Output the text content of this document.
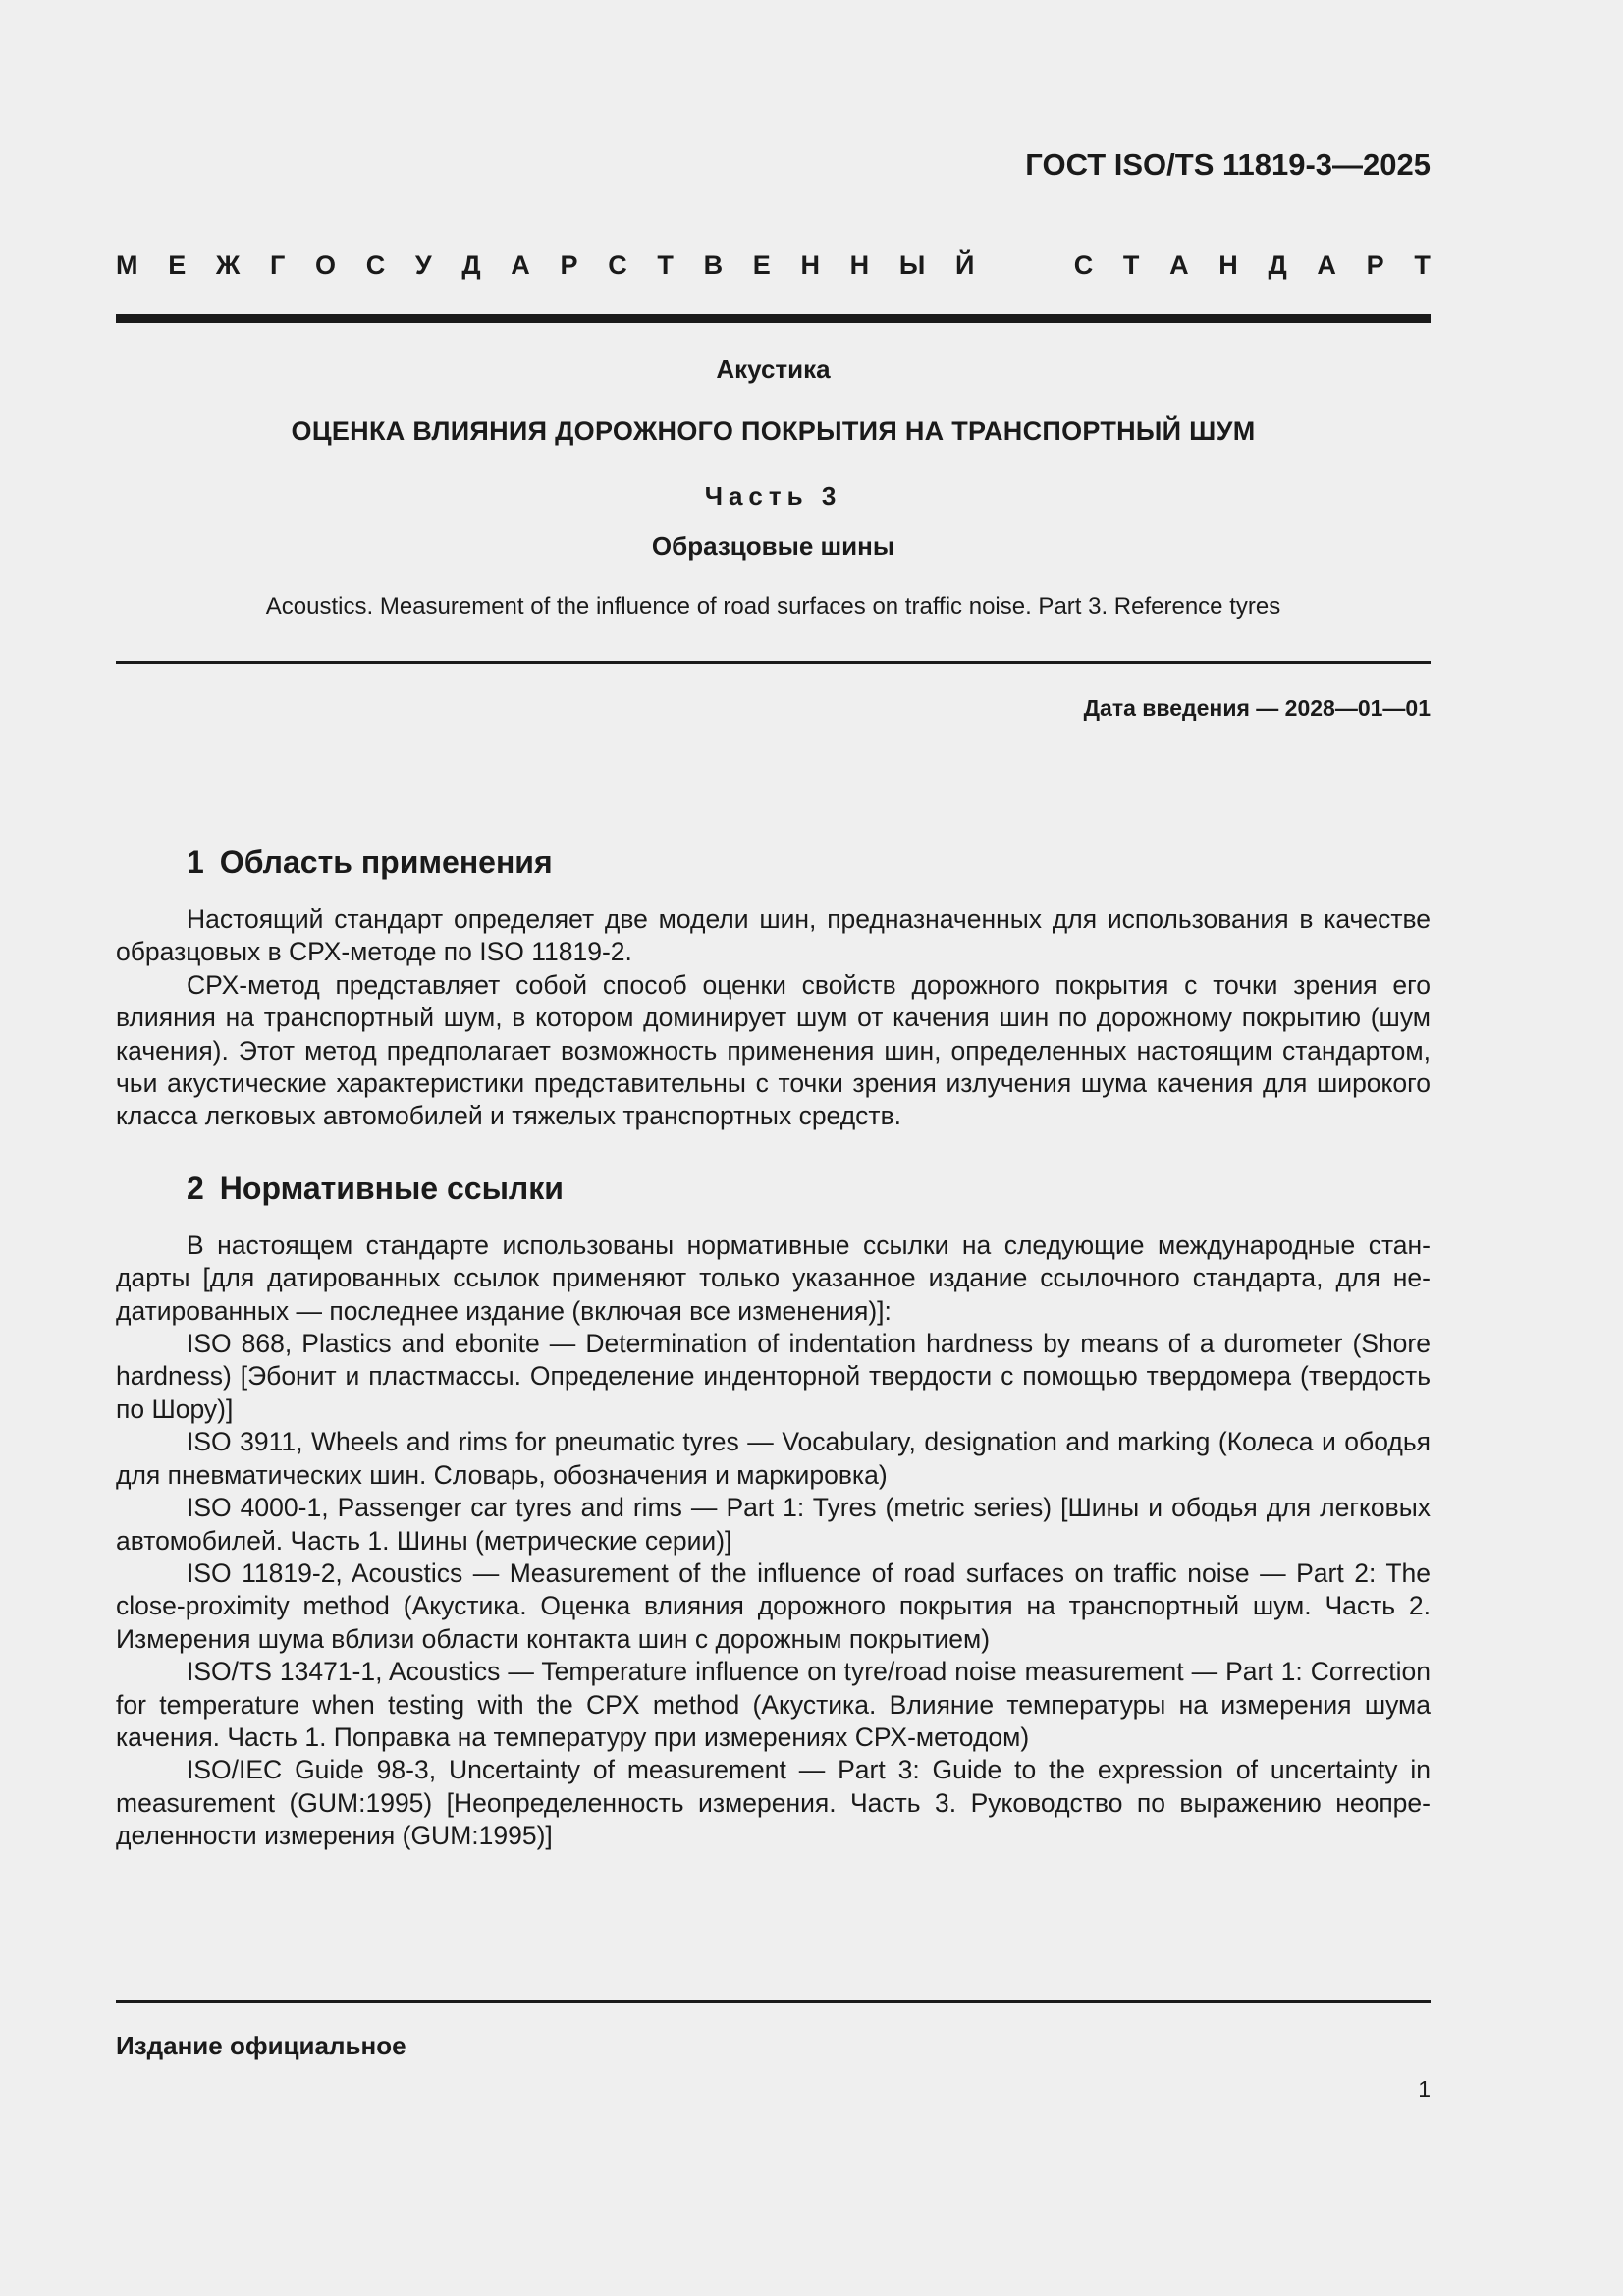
ГОСТ ISO/TS 11819-3—2025
М Е Ж Г О С У Д А Р С Т В Е Н Н Ы Й	С Т А Н Д А Р Т
Акустика
ОЦЕНКА ВЛИЯНИЯ ДОРОЖНОГО ПОКРЫТИЯ НА ТРАНСПОРТНЫЙ ШУМ
Часть 3
Образцовые шины
Acoustics. Measurement of the influence of road surfaces on traffic noise. Part 3. Reference tyres
Дата введения — 2028—01—01
1 Область применения

Настоящий стандарт определяет две модели шин, предназначенных для использования в качестве образцовых в СРХ-методе по ISO 11819-2.

СРХ-метод представляет собой способ оценки свойств дорожного покрытия с точки зрения его влияния на транспортный шум, в котором доминирует шум от качения шин по дорожному покрытию (шум качения). Этот метод предполагает возможность применения шин, определенных настоящим стандартом, чьи акустические характеристики представительны с точки зрения излучения шума качения для широкого класса легковых автомобилей и тяжелых транспортных средств.

2 Нормативные ссылки

В настоящем стандарте использованы нормативные ссылки на следующие международные стандарты [для датированных ссылок применяют только указанное издание ссылочного стандарта, для недатированных — последнее издание (включая все изменения)]:

ISO 868, Plastics and ebonite — Determination of indentation hardness by means of a durometer (Shore hardness) [Эбонит и пластмассы. Определение инденторной твердости с помощью твердомера (твердость по Шору)]

ISO 3911, Wheels and rims for pneumatic tyres — Vocabulary, designation and marking (Колеса и ободья для пневматических шин. Словарь, обозначения и маркировка)

ISO 4000-1, Passenger car tyres and rims — Part 1: Tyres (metric series) [Шины и ободья для легковых автомобилей. Часть 1. Шины (метрические серии)]

ISO 11819-2, Acoustics — Measurement of the influence of road surfaces on traffic noise — Part 2: The close-proximity method (Акустика. Оценка влияния дорожного покрытия на транспортный шум. Часть 2. Измерения шума вблизи области контакта шин с дорожным покрытием)

ISO/TS 13471-1, Acoustics — Temperature influence on tyre/road noise measurement — Part 1: Correction for temperature when testing with the CPX method (Акустика. Влияние температуры на измерения шума качения. Часть 1. Поправка на температуру при измерениях СРХ-методом)

ISO/IEC Guide 98-3, Uncertainty of measurement — Part 3: Guide to the expression of uncertainty in measurement (GUM:1995) [Неопределенность измерения. Часть 3. Руководство по выражению неопределенности измерения (GUM:1995)]

Издание официальное
1
